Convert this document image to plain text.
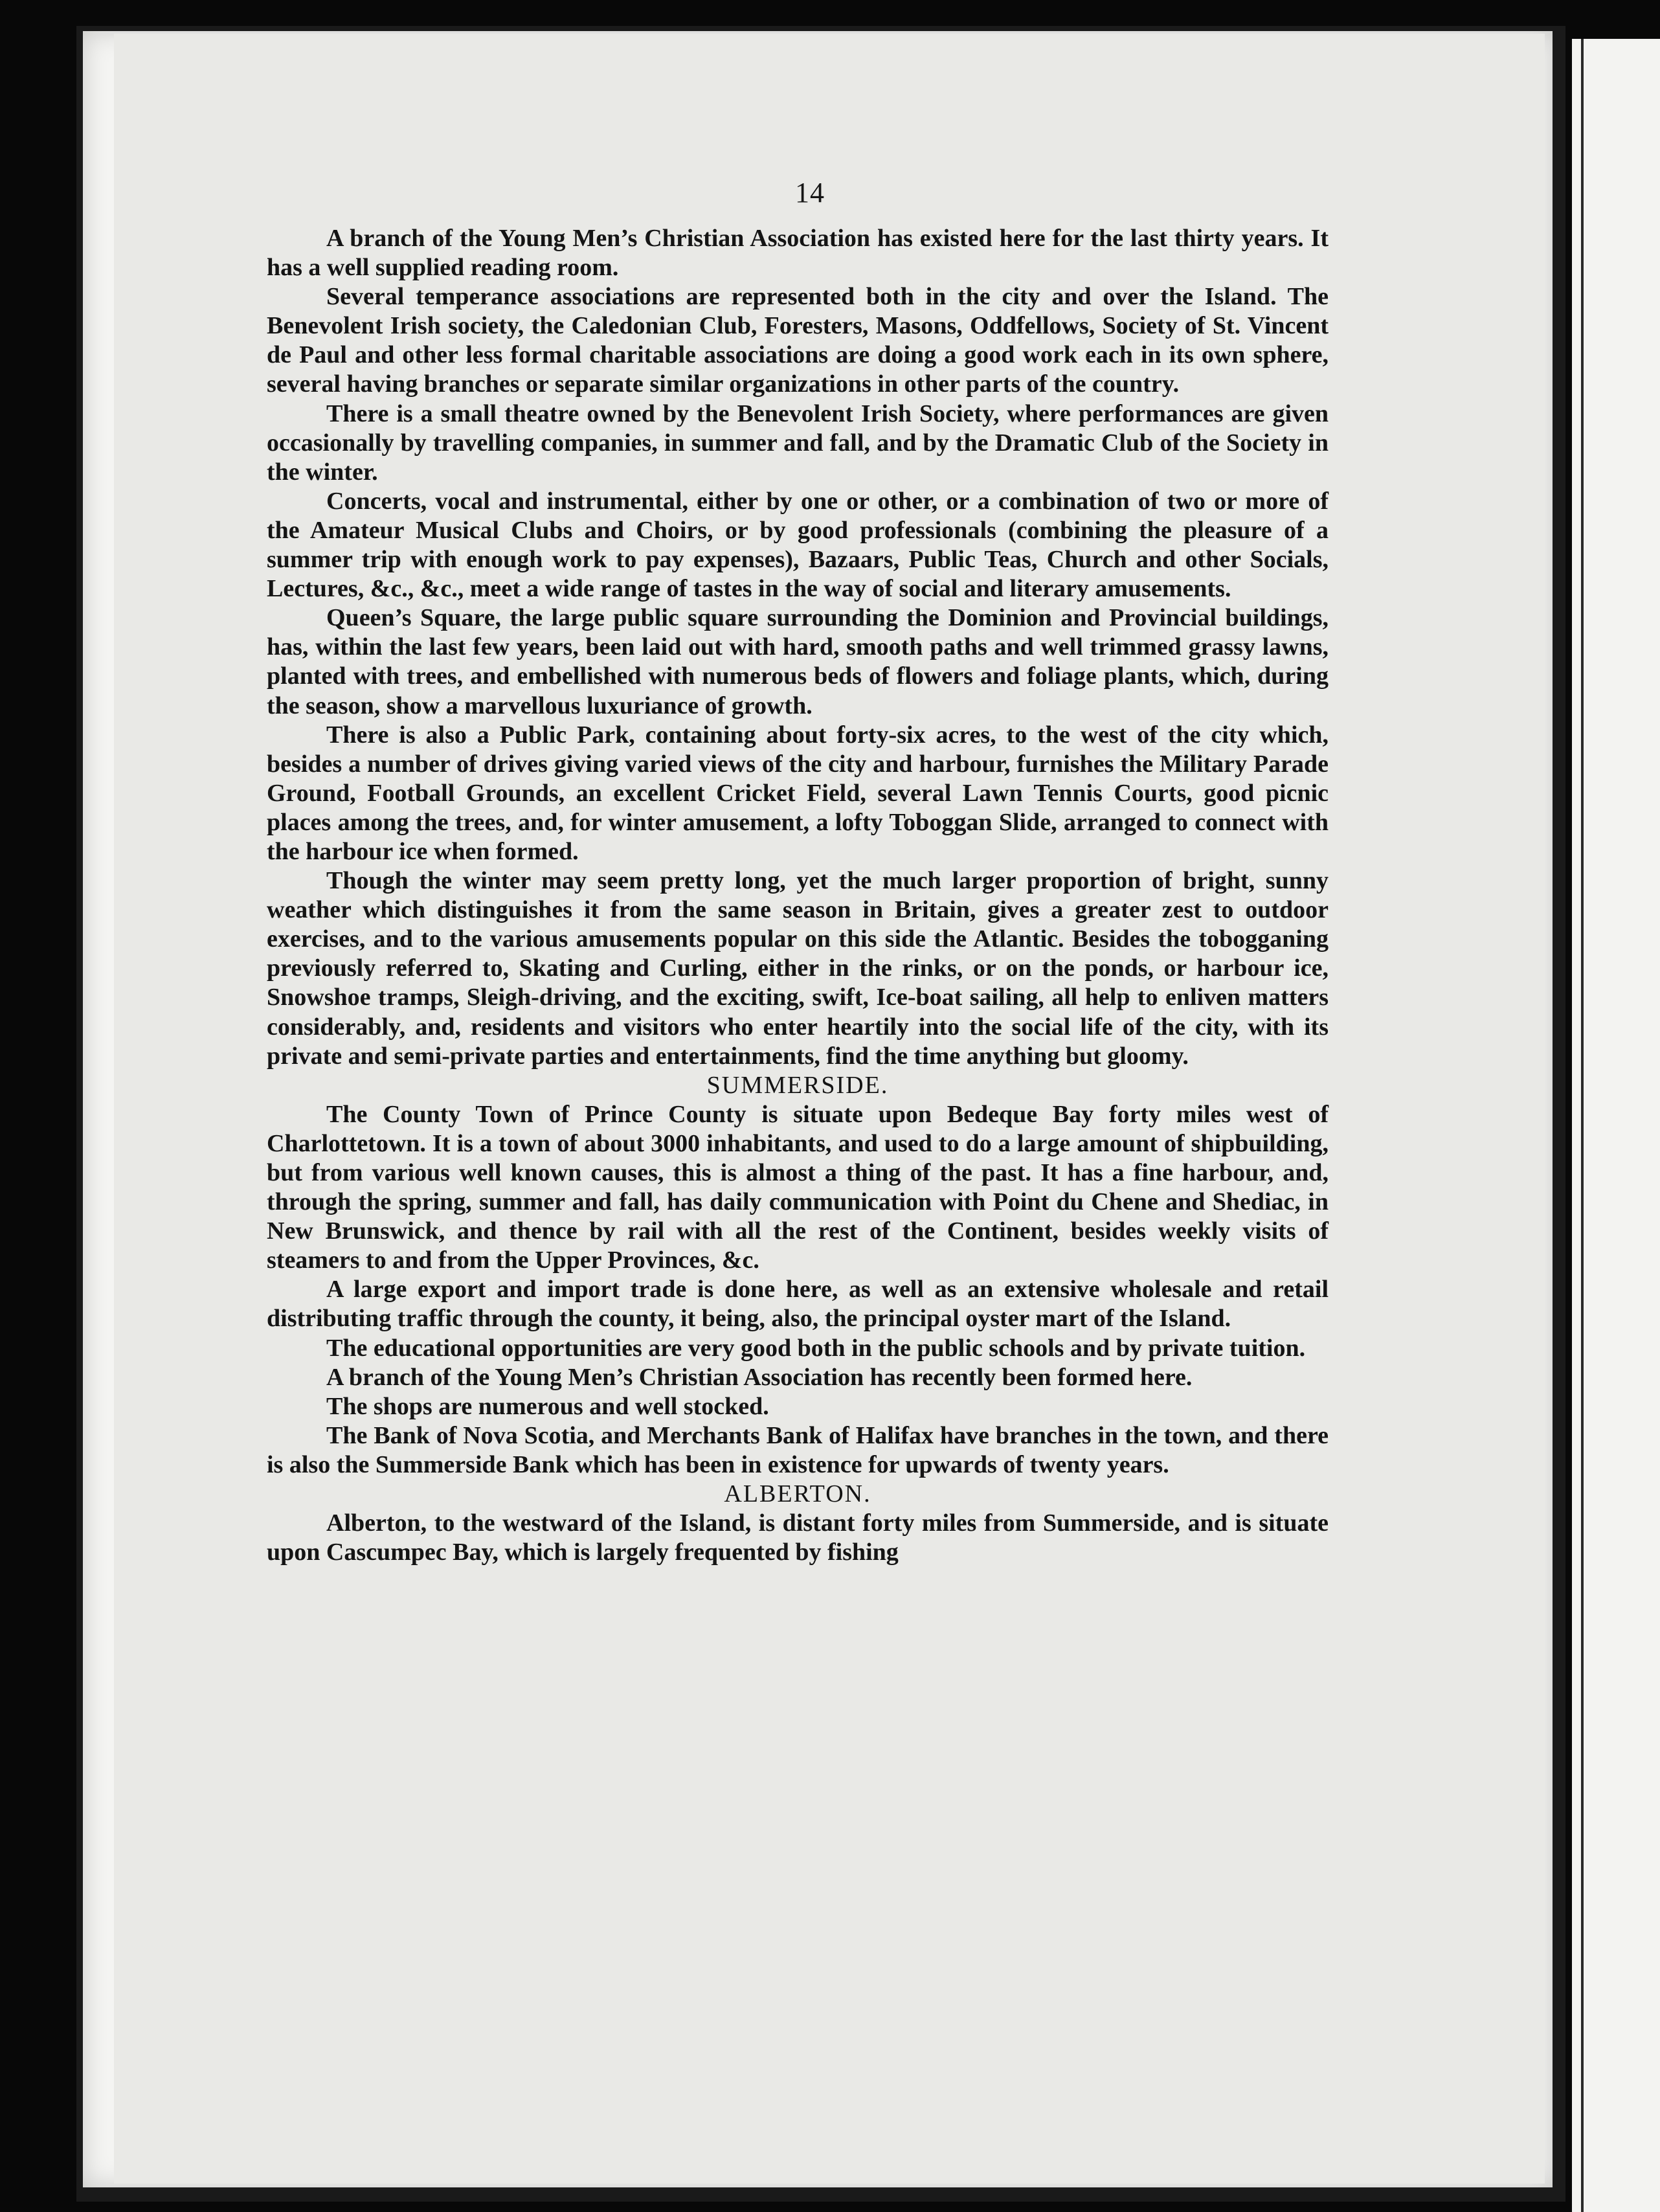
14

A branch of the Young Men’s Christian Association has existed here for the last thirty years. It has a well supplied reading room.

Several temperance associations are represented both in the city and over the Island. The Benevolent Irish society, the Caledonian Club, Foresters, Masons, Oddfellows, Society of St. Vincent de Paul and other less formal charitable associations are doing a good work each in its own sphere, several having branches or separate similar organizations in other parts of the country.

There is a small theatre owned by the Benevolent Irish Society, where performances are given occasionally by travelling companies, in summer and fall, and by the Dramatic Club of the Society in the winter.

Concerts, vocal and instrumental, either by one or other, or a combination of two or more of the Amateur Musical Clubs and Choirs, or by good professionals (combining the pleasure of a summer trip with enough work to pay expenses), Bazaars, Public Teas, Church and other Socials, Lectures, &c., &c., meet a wide range of tastes in the way of social and literary amusements.

Queen’s Square, the large public square surrounding the Dominion and Provincial buildings, has, within the last few years, been laid out with hard, smooth paths and well trimmed grassy lawns, planted with trees, and embellished with numerous beds of flowers and foliage plants, which, during the season, show a marvellous luxuriance of growth.

There is also a Public Park, containing about forty-six acres, to the west of the city which, besides a number of drives giving varied views of the city and harbour, furnishes the Military Parade Ground, Football Grounds, an excellent Cricket Field, several Lawn Tennis Courts, good picnic places among the trees, and, for winter amusement, a lofty Toboggan Slide, arranged to connect with the harbour ice when formed.

Though the winter may seem pretty long, yet the much larger proportion of bright, sunny weather which distinguishes it from the same season in Britain, gives a greater zest to outdoor exercises, and to the various amusements popular on this side the Atlantic. Besides the tobogganing previously referred to, Skating and Curling, either in the rinks, or on the ponds, or harbour ice, Snowshoe tramps, Sleigh-driving, and the exciting, swift, Ice-boat sailing, all help to enliven matters considerably, and, residents and visitors who enter heartily into the social life of the city, with its private and semi-private parties and entertainments, find the time anything but gloomy.

SUMMERSIDE.

The County Town of Prince County is situate upon Bedeque Bay forty miles west of Charlottetown. It is a town of about 3000 inhabitants, and used to do a large amount of shipbuilding, but from various well known causes, this is almost a thing of the past. It has a fine harbour, and, through the spring, summer and fall, has daily communication with Point du Chene and Shediac, in New Brunswick, and thence by rail with all the rest of the Continent, besides weekly visits of steamers to and from the Upper Provinces, &c.

A large export and import trade is done here, as well as an extensive wholesale and retail distributing traffic through the county, it being, also, the principal oyster mart of the Island.

The educational opportunities are very good both in the public schools and by private tuition.

A branch of the Young Men’s Christian Association has recently been formed here.

The shops are numerous and well stocked.

The Bank of Nova Scotia, and Merchants Bank of Halifax have branches in the town, and there is also the Summerside Bank which has been in existence for upwards of twenty years.

ALBERTON.

Alberton, to the westward of the Island, is distant forty miles from Summerside, and is situate upon Cascumpec Bay, which is largely frequented by fishing
